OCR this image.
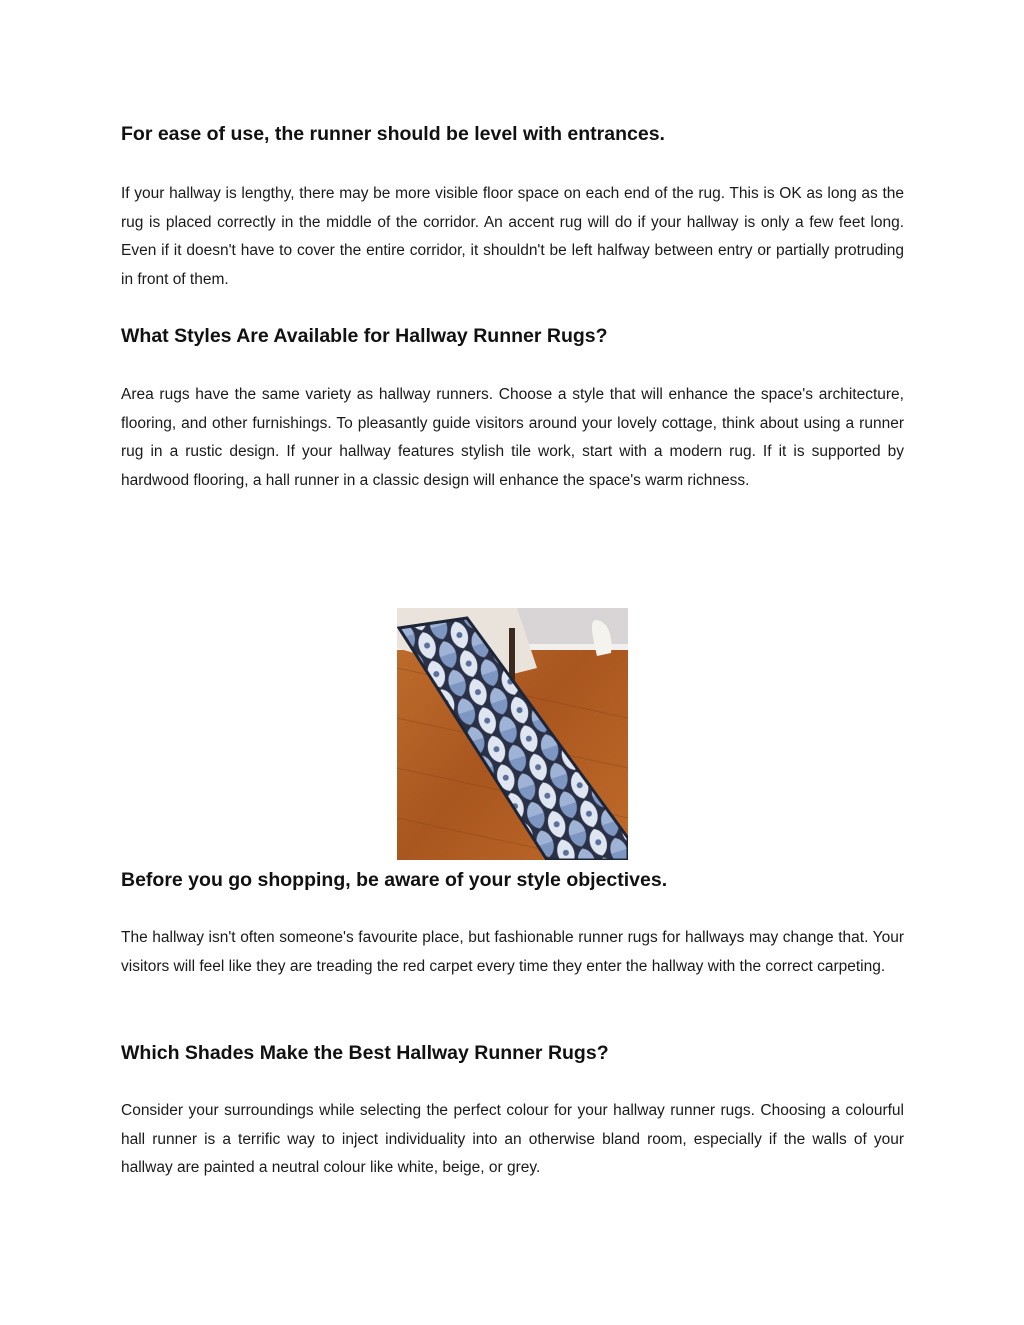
For ease of use, the runner should be level with entrances.

If your hallway is lengthy, there may be more visible floor space on each end of the rug. This is OK as long as the rug is placed correctly in the middle of the corridor. An accent rug will do if your hallway is only a few feet long. Even if it doesn't have to cover the entire corridor, it shouldn't be left halfway between entry or partially protruding in front of them.

What Styles Are Available for Hallway Runner Rugs?

Area rugs have the same variety as hallway runners. Choose a style that will enhance the space's architecture, flooring, and other furnishings. To pleasantly guide visitors around your lovely cottage, think about using a runner rug in a rustic design. If your hallway features stylish tile work, start with a modern rug. If it is supported by hardwood flooring, a hall runner in a classic design will enhance the space's warm richness.

Before you go shopping, be aware of your style objectives.

The hallway isn't often someone's favourite place, but fashionable runner rugs for hallways may change that. Your visitors will feel like they are treading the red carpet every time they enter the hallway with the correct carpeting.

Which Shades Make the Best Hallway Runner Rugs?

Consider your surroundings while selecting the perfect colour for your hallway runner rugs. Choosing a colourful hall runner is a terrific way to inject individuality into an otherwise bland room, especially if the walls of your hallway are painted a neutral colour like white, beige, or grey.
